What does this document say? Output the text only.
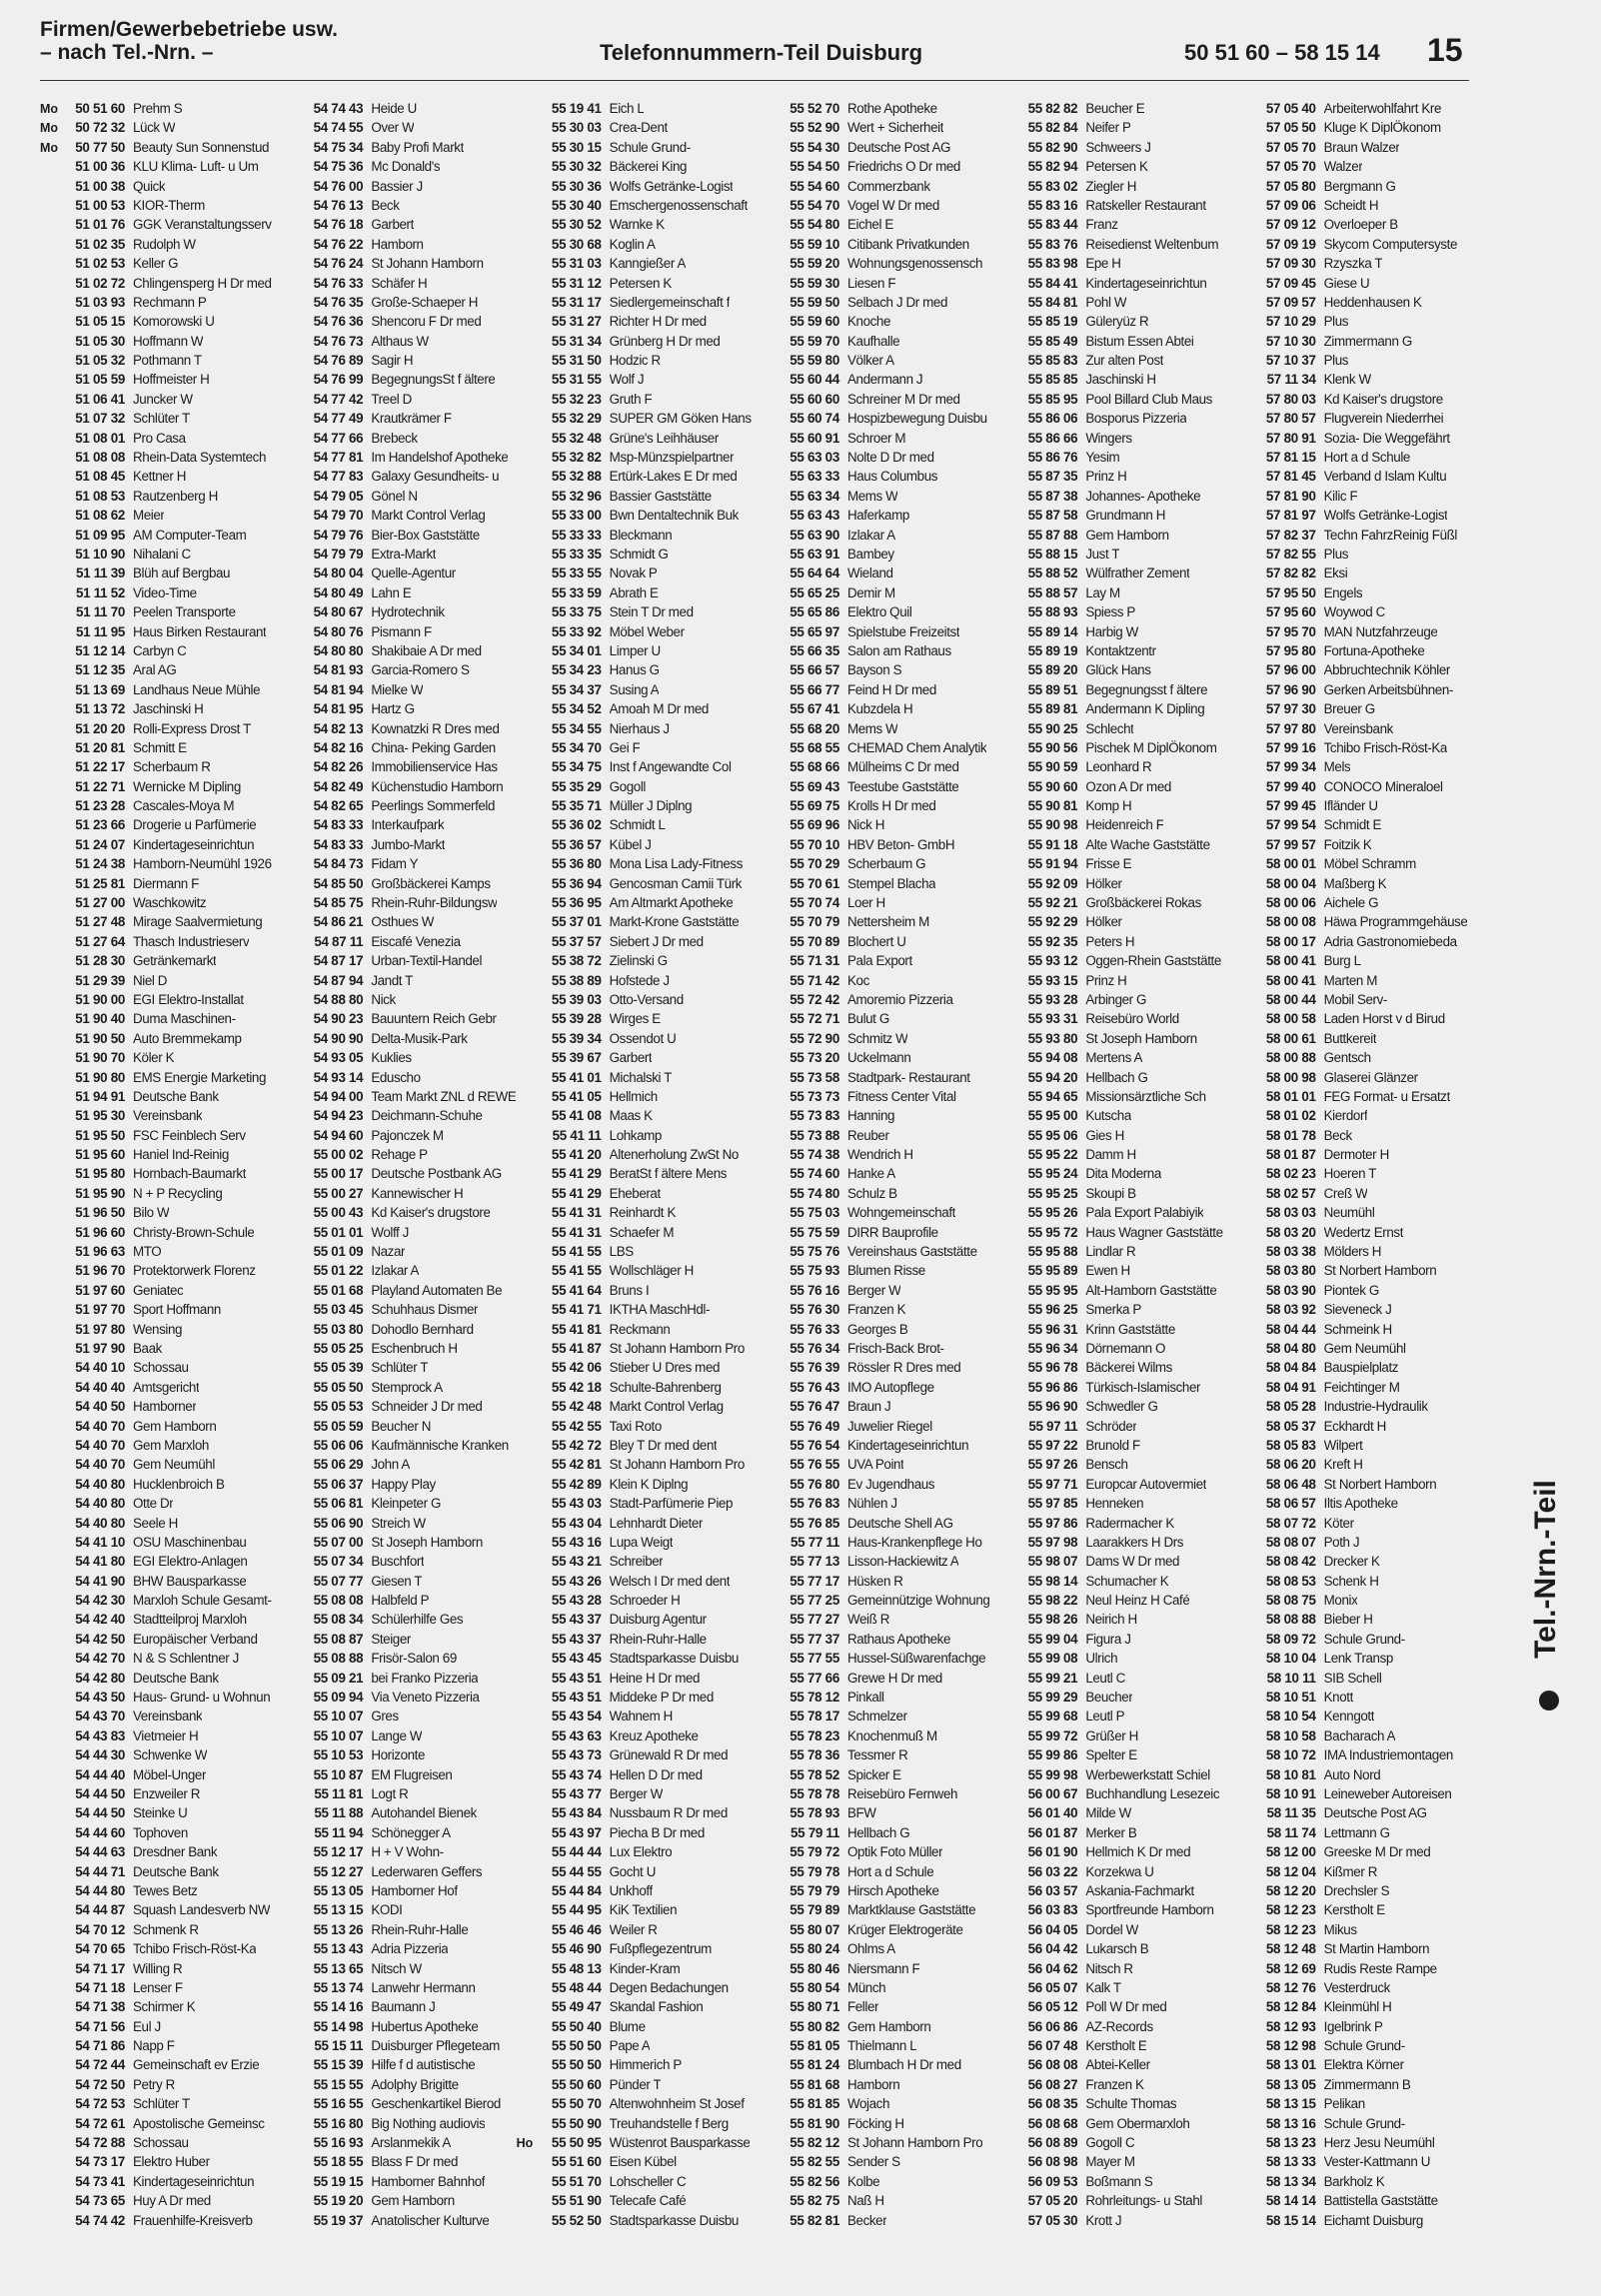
Firmen/Gewerbebetriebe usw.
– nach Tel.-Nrn. –	Telefonnummern-Teil Duisburg	50 51 60 – 58 15 14 15
Mo	50 51 60 Prehm S
Mo	50 72 32 Lück W
Mo	50 77 50 Beauty Sun Sonnenstud
51 00 36 KLU Klima- Luft- u Um
51 00 38 Quick
51 00 53 KIOR-Therm
51 01 76 GGK Veranstaltungsserv
51 02 35 Rudolph W
51 02 53 Keller G
51 02 72 Chlingensperg H Dr med
51 03 93 Rechmann P
51 05 15 Komorowski U
51 05 30 Hoffmann W
51 05 32 Pothmann T
51 05 59 Hoffmeister H
51 06 41 Juncker W
51 07 32 Schlüter T
51 08 01 Pro Casa
51 08 08 Rhein-Data Systemtech
51 08 45 Kettner H
51 08 53 Rautzenberg H
51 08 62 Meier
51 09 95 AM Computer-Team
51 10 90 Nihalani C
51 11 39 Blüh auf Bergbau
51 11 52 Video-Time
51 11 70 Peelen Transporte
51 11 95 Haus Birken Restaurant
51 12 14 Carbyn C
51 12 35 Aral AG
51 13 69 Landhaus Neue Mühle
51 13 72 Jaschinski H
51 20 20 Rolli-Express Drost T
51 20 81 Schmitt E
51 22 17 Scherbaum R
51 22 71 Wernicke M Dipling
51 23 28 Cascales-Moya M
51 23 66 Drogerie u Parfümerie
51 24 07 Kindertageseinrichtun
51 24 38 Hamborn-Neumühl 1926
51 25 81 Diermann F
51 27 00 Waschkowitz
51 27 48 Mirage Saalvermietung
51 27 64 Thasch Industrieserv
51 28 30 Getränkemarkt
51 29 39 Niel D
51 90 00 EGI Elektro-Installat
51 90 40 Duma Maschinen-
51 90 50 Auto Bremmekamp
51 90 70 Köler K
51 90 80 EMS Energie Marketing
51 94 91 Deutsche Bank
51 95 30 Vereinsbank
51 95 50 FSC Feinblech Serv
51 95 60 Haniel Ind-Reinig
51 95 80 Hornbach-Baumarkt
51 95 90 N + P Recycling
51 96 50 Bilo W
51 96 60 Christy-Brown-Schule
51 96 63 MTO
51 96 70 Protektorwerk Florenz
51 97 60 Geniatec
51 97 70 Sport Hoffmann
51 97 80 Wensing
51 97 90 Baak
54 40 10 Schossau
54 40 40 Amtsgericht
54 40 50 Hamborner
54 40 70 Gem Hamborn
54 40 70 Gem Marxloh
54 40 70 Gem Neumühl
54 40 80 Hucklenbroich B
54 40 80 Otte Dr
54 40 80 Seele H
54 41 10 OSU Maschinenbau
54 41 80 EGI Elektro-Anlagen
54 41 90 BHW Bausparkasse
54 42 30 Marxloh Schule Gesamt-
54 42 40 Stadtteilproj Marxloh
54 42 50 Europäischer Verband
54 42 70 N & S Schlentner J
54 42 80 Deutsche Bank
54 43 50 Haus- Grund- u Wohnun
54 43 70 Vereinsbank
54 43 83 Vietmeier H
54 44 30 Schwenke W
54 44 40 Möbel-Unger
54 44 50 Enzweiler R
54 44 50 Steinke U
54 44 60 Tophoven
54 44 63 Dresdner Bank
54 44 71 Deutsche Bank
54 44 80 Tewes Betz
54 44 87 Squash Landesverb NW
54 70 12 Schmenk R
54 70 65 Tchibo Frisch-Röst-Ka
54 71 17 Willing R
54 71 18 Lenser F
54 71 38 Schirmer K
54 71 56 Eul J
54 71 86 Napp F
54 72 44 Gemeinschaft ev Erzie
54 72 50 Petry R
54 72 53 Schlüter T
54 72 61 Apostolische Gemeinsc
54 72 88 Schossau
54 73 17 Elektro Huber
54 73 41 Kindertageseinrichtun
54 73 65 Huy A Dr med
54 74 42 Frauenhilfe-Kreisverb
54 74 43 Heide U
54 74 55 Over W
54 75 34 Baby Profi Markt
54 75 36 Mc Donald's
54 76 00 Bassier J
54 76 13 Beck
54 76 18 Garbert
54 76 22 Hamborn
54 76 24 St Johann Hamborn
54 76 33 Schäfer H
54 76 35 Große-Schaeper H
54 76 36 Shencoru F Dr med
54 76 73 Althaus W
54 76 89 Sagir H
54 76 99 BegegnungsSt f ältere
54 77 42 Treel D
54 77 49 Krautkrämer F
54 77 66 Brebeck
54 77 81 Im Handelshof Apotheke
54 77 83 Galaxy Gesundheits- u
54 79 05 Gönel N
54 79 70 Markt Control Verlag
54 79 76 Bier-Box Gaststätte
54 79 79 Extra-Markt
54 80 04 Quelle-Agentur
54 80 49 Lahn E
54 80 67 Hydrotechnik
54 80 76 Pismann F
54 80 80 Shakibaie A Dr med
54 81 93 Garcia-Romero S
54 81 94 Mielke W
54 81 95 Hartz G
54 82 13 Kownatzki R Dres med
54 82 16 China- Peking Garden
54 82 26 Immobilienservice Has
54 82 49 Küchenstudio Hamborn
54 82 65 Peerlings Sommerfeld
54 83 33 Interkaufpark
54 83 33 Jumbo-Markt
54 84 73 Fidam Y
54 85 50 Großbäckerei Kamps
54 85 75 Rhein-Ruhr-Bildungsw
54 86 21 Osthues W
54 87 11 Eiscafé Venezia
54 87 17 Urban-Textil-Handel
54 87 94 Jandt T
54 88 80 Nick
54 90 23 Bauuntern Reich Gebr
54 90 90 Delta-Musik-Park
54 93 05 Kuklies
54 93 14 Eduscho
54 94 00 Team Markt ZNL d REWE
54 94 23 Deichmann-Schuhe
54 94 60 Pajonczek M
55 00 02 Rehage P
55 00 17 Deutsche Postbank AG
55 00 27 Kannewischer H
55 00 43 Kd Kaiser's drugstore
55 01 01 Wolff J
55 01 09 Nazar
55 01 22 Izlakar A
55 01 68 Playland Automaten Be
55 03 45 Schuhhaus Dismer
55 03 80 Dohodlo Bernhard
55 05 25 Eschenbruch H
55 05 39 Schlüter T
55 05 50 Stemprock A
55 05 53 Schneider J Dr med
55 05 59 Beucher N
55 06 06 Kaufmännische Kranken
55 06 29 John A
55 06 37 Happy Play
55 06 81 Kleinpeter G
55 06 90 Streich W
55 07 00 St Joseph Hamborn
55 07 34 Buschfort
55 07 77 Giesen T
55 08 08 Halbfeld P
55 08 34 Schülerhilfe Ges
55 08 87 Steiger
55 08 88 Frisör-Salon 69
55 09 21 bei Franko Pizzeria
55 09 94 Via Veneto Pizzeria
55 10 07 Gres
55 10 07 Lange W
55 10 53 Horizonte
55 10 87 EM Flugreisen
55 11 81 Logt R
55 11 88 Autohandel Bienek
55 11 94 Schönegger A
55 12 17 H + V Wohn-
55 12 27 Lederwaren Geffers
55 13 05 Hamborner Hof
55 13 15 KODI
55 13 26 Rhein-Ruhr-Halle
55 13 43 Adria Pizzeria
55 13 65 Nitsch W
55 13 74 Lanwehr Hermann
55 14 16 Baumann J
55 14 98 Hubertus Apotheke
55 15 11 Duisburger Pflegeteam
55 15 39 Hilfe f d autistische
55 15 55 Adolphy Brigitte
55 16 55 Geschenkartikel Bierod
55 16 80 Big Nothing audiovis
55 16 93 Arslanmekik A
55 18 55 Blass F Dr med
55 19 15 Hamborner Bahnhof
55 19 20 Gem Hamborn
55 19 37 Anatolischer Kulturve
55 19 41 Eich L
55 30 03 Crea-Dent
55 30 15 Schule Grund-
55 30 32 Bäckerei King
55 30 36 Wolfs Getränke-Logist
55 30 40 Emschergenossenschaft
55 30 52 Warnke K
55 30 68 Koglin A
55 31 03 Kanngießer A
55 31 12 Petersen K
55 31 17 Siedlergemeinschaft f
55 31 27 Richter H Dr med
55 31 34 Grünberg H Dr med
55 31 50 Hodzic R
55 31 55 Wolf J
55 32 23 Gruth F
55 32 29 SUPER GM Göken Hans
55 32 48 Grüne's Leihhäuser
55 32 82 Msp-Münzspielpartner
55 32 88 Ertürk-Lakes E Dr med
55 32 96 Bassier Gaststätte
55 33 00 Bwn Dentaltechnik Buk
55 33 33 Bleckmann
55 33 35 Schmidt G
55 33 55 Novak P
55 33 59 Abrath E
55 33 75 Stein T Dr med
55 33 92 Möbel Weber
55 34 01 Limper U
55 34 23 Hanus G
55 34 37 Susing A
55 34 52 Amoah M Dr med
55 34 55 Nierhaus J
55 34 70 Gei F
55 34 75 Inst f Angewandte Col
55 35 29 Gogoll
55 35 71 Müller J Diplng
55 36 02 Schmidt L
55 36 57 Kübel J
55 36 80 Mona Lisa Lady-Fitness
55 36 94 Gencosman Camii Türk
55 36 95 Am Altmarkt Apotheke
55 37 01 Markt-Krone Gaststätte
55 37 57 Siebert J Dr med
55 38 72 Zielinski G
55 38 89 Hofstede J
55 39 03 Otto-Versand
55 39 28 Wirges E
55 39 34 Ossendot U
55 39 67 Garbert
55 41 01 Michalski T
55 41 05 Hellmich
55 41 08 Maas K
55 41 11 Lohkamp
55 41 20 Altenerholung ZwSt No
55 41 29 BeratSt f ältere Mens
55 41 29 Eheberat
55 41 31 Reinhardt K
55 41 31 Schaefer M
55 41 55 LBS
55 41 55 Wollschläger H
55 41 64 Bruns I
55 41 71 IKTHA MaschHdl-
55 41 81 Reckmann
55 41 87 St Johann Hamborn Pro
55 42 06 Stieber U Dres med
55 42 18 Schulte-Bahrenberg
55 42 48 Markt Control Verlag
55 42 55 Taxi Roto
55 42 72 Bley T Dr med dent
55 42 81 St Johann Hamborn Pro
55 42 89 Klein K Diplng
55 43 03 Stadt-Parfümerie Piep
55 43 04 Lehnhardt Dieter
55 43 16 Lupa Weigt
55 43 21 Schreiber
55 43 26 Welsch I Dr med dent
55 43 28 Schroeder H
55 43 37 Duisburg Agentur
55 43 37 Rhein-Ruhr-Halle
55 43 45 Stadtsparkasse Duisbu
55 43 51 Heine H Dr med
55 43 51 Middeke P Dr med
55 43 54 Wahnem H
55 43 63 Kreuz Apotheke
55 43 73 Grünewald R Dr med
55 43 74 Hellen D Dr med
55 43 77 Berger W
55 43 84 Nussbaum R Dr med
55 43 97 Piecha B Dr med
55 44 44 Lux Elektro
55 44 55 Gocht U
55 44 84 Unkhoff
55 44 95 KiK Textilien
55 46 46 Weiler R
55 46 90 Fußpflegezentrum
55 48 13 Kinder-Kram
55 48 44 Degen Bedachungen
55 49 47 Skandal Fashion
55 50 40 Blume
55 50 50 Pape A
55 50 50 Himmerich P
55 50 60 Pünder T
55 50 70 Altenwohnheim St Josef
55 50 90 Treuhandstelle f Berg
Ho	55 50 95 Wüstenrot Bausparkasse
55 51 60 Eisen Kübel
55 51 70 Lohscheller C
55 51 90 Telecafe Café
55 52 50 Stadtsparkasse Duisbu
55 52 70 Rothe Apotheke
55 52 90 Wert + Sicherheit
55 54 30 Deutsche Post AG
55 54 50 Friedrichs O Dr med
55 54 60 Commerzbank
55 54 70 Vogel W Dr med
55 54 80 Eichel E
55 59 10 Citibank Privatkunden
55 59 20 Wohnungsgenossensch
55 59 30 Liesen F
55 59 50 Selbach J Dr med
55 59 60 Knoche
55 59 70 Kaufhalle
55 59 80 Völker A
55 60 44 Andermann J
55 60 60 Schreiner M Dr med
55 60 74 Hospizbewegung Duisbu
55 60 91 Schroer M
55 63 03 Nolte D Dr med
55 63 33 Haus Columbus
55 63 34 Mems W
55 63 43 Haferkamp
55 63 90 Izlakar A
55 63 91 Bambey
55 64 64 Wieland
55 65 25 Demir M
55 65 86 Elektro Quil
55 65 97 Spielstube Freizeitst
55 66 35 Salon am Rathaus
55 66 57 Bayson S
55 66 77 Feind H Dr med
55 67 41 Kubzdela H
55 68 20 Mems W
55 68 55 CHEMAD Chem Analytik
55 68 66 Mülheims C Dr med
55 69 43 Teestube Gaststätte
55 69 75 Krolls H Dr med
55 69 96 Nick H
55 70 10 HBV Beton- GmbH
55 70 29 Scherbaum G
55 70 61 Stempel Blacha
55 70 74 Loer H
55 70 79 Nettersheim M
55 70 89 Blochert U
55 71 31 Pala Export
55 71 42 Koc
55 72 42 Amoremio Pizzeria
55 72 71 Bulut G
55 72 90 Schmitz W
55 73 20 Uckelmann
55 73 58 Stadtpark- Restaurant
55 73 73 Fitness Center Vital
55 73 83 Hanning
55 73 88 Reuber
55 74 38 Wendrich H
55 74 60 Hanke A
55 74 80 Schulz B
55 75 03 Wohngemeinschaft
55 75 59 DIRR Bauprofile
55 75 76 Vereinshaus Gaststätte
55 75 93 Blumen Risse
55 76 16 Berger W
55 76 30 Franzen K
55 76 33 Georges B
55 76 34 Frisch-Back Brot-
55 76 39 Rössler R Dres med
55 76 43 IMO Autopflege
55 76 47 Braun J
55 76 49 Juwelier Riegel
55 76 54 Kindertageseinrichtun
55 76 55 UVA Point
55 76 80 Ev Jugendhaus
55 76 83 Nühlen J
55 76 85 Deutsche Shell AG
55 77 11 Haus-Krankenpflege Ho
55 77 13 Lisson-Hackiewitz A
55 77 17 Hüsken R
55 77 25 Gemeinnützige Wohnung
55 77 27 Weiß R
55 77 37 Rathaus Apotheke
55 77 55 Hussel-Süßwarenfachge
55 77 66 Grewe H Dr med
55 78 12 Pinkall
55 78 17 Schmelzer
55 78 23 Knochenmuß M
55 78 36 Tessmer R
55 78 52 Spicker E
55 78 78 Reisebüro Fernweh
55 78 93 BFW
55 79 11 Hellbach G
55 79 72 Optik Foto Müller
55 79 78 Hort a d Schule
55 79 79 Hirsch Apotheke
55 79 89 Marktklause Gaststätte
55 80 07 Krüger Elektrogeräte
55 80 24 Ohlms A
55 80 46 Niersmann F
55 80 54 Münch
55 80 71 Feller
55 80 82 Gem Hamborn
55 81 05 Thielmann L
55 81 24 Blumbach H Dr med
55 81 68 Hamborn
55 81 85 Wojach
55 81 90 Föcking H
55 82 12 St Johann Hamborn Pro
55 82 55 Sender S
55 82 56 Kolbe
55 82 75 Naß H
55 82 81 Becker
55 82 82 Beucher E
55 82 84 Neifer P
55 82 90 Schweers J
55 82 94 Petersen K
55 83 02 Ziegler H
55 83 16 Ratskeller Restaurant
55 83 44 Franz
55 83 76 Reisedienst Weltenbum
55 83 98 Epe H
55 84 41 Kindertageseinrichtun
55 84 81 Pohl W
55 85 19 Güleryüz R
55 85 49 Bistum Essen Abtei
55 85 83 Zur alten Post
55 85 85 Jaschinski H
55 85 95 Pool Billard Club Maus
55 86 06 Bosporus Pizzeria
55 86 66 Wingers
55 86 76 Yesim
55 87 35 Prinz H
55 87 38 Johannes- Apotheke
55 87 58 Grundmann H
55 87 88 Gem Hamborn
55 88 15 Just T
55 88 52 Wülfrather Zement
55 88 57 Lay M
55 88 93 Spiess P
55 89 14 Harbig W
55 89 19 Kontaktzentr
55 89 20 Glück Hans
55 89 51 Begegnungsst f ältere
55 89 81 Andermann K Dipling
55 90 25 Schlecht
55 90 56 Pischek M DiplÖkonom
55 90 59 Leonhard R
55 90 60 Ozon A Dr med
55 90 81 Komp H
55 90 98 Heidenreich F
55 91 18 Alte Wache Gaststätte
55 91 94 Frisse E
55 92 09 Hölker
55 92 21 Großbäckerei Rokas
55 92 29 Hölker
55 92 35 Peters H
55 93 12 Oggen-Rhein Gaststätte
55 93 15 Prinz H
55 93 28 Arbinger G
55 93 31 Reisebüro World
55 93 80 St Joseph Hamborn
55 94 08 Mertens A
55 94 20 Hellbach G
55 94 65 Missionsärztliche Sch
55 95 00 Kutscha
55 95 06 Gies H
55 95 22 Damm H
55 95 24 Dita Moderna
55 95 25 Skoupi B
55 95 26 Pala Export Palabiyik
55 95 72 Haus Wagner Gaststätte
55 95 88 Lindlar R
55 95 89 Ewen H
55 95 95 Alt-Hamborn Gaststätte
55 96 25 Smerka P
55 96 31 Krinn Gaststätte
55 96 34 Dörnemann O
55 96 78 Bäckerei Wilms
55 96 86 Türkisch-Islamischer
55 96 90 Schwedler G
55 97 11 Schröder
55 97 22 Brunold F
55 97 26 Bensch
55 97 71 Europcar Autovermiet
55 97 85 Henneken
55 97 86 Radermacher K
55 97 98 Laarakkers H Drs
55 98 07 Dams W Dr med
55 98 14 Schumacher K
55 98 22 Neul Heinz H Café
55 98 26 Neirich H
55 99 04 Figura J
55 99 08 Ulrich
55 99 21 Leutl C
55 99 29 Beucher
55 99 68 Leutl P
55 99 72 Grüßer H
55 99 86 Spelter E
55 99 98 Werbewerkstatt Schiel
56 00 67 Buchhandlung Lesezeic
56 01 40 Milde W
56 01 87 Merker B
56 01 90 Hellmich K Dr med
56 03 22 Korzekwa U
56 03 57 Askania-Fachmarkt
56 03 83 Sportfreunde Hamborn
56 04 05 Dordel W
56 04 42 Lukarsch B
56 04 62 Nitsch R
56 05 07 Kalk T
56 05 12 Poll W Dr med
56 06 86 AZ-Records
56 07 48 Kerstholt E
56 08 08 Abtei-Keller
56 08 27 Franzen K
56 08 35 Schulte Thomas
56 08 68 Gem Obermarxloh
56 08 89 Gogoll C
56 08 98 Mayer M
56 09 53 Boßmann S
57 05 20 Rohrleitungs- u Stahl
57 05 30 Krott J
57 05 40 Arbeiterwohlfahrt Kre
57 05 50 Kluge K DiplÖkonom
57 05 70 Braun Walzer
57 05 70 Walzer
57 05 80 Bergmann G
57 09 06 Scheidt H
57 09 12 Overloeper B
57 09 19 Skycom Computersyste
57 09 30 Rzyszka T
57 09 45 Giese U
57 09 57 Heddenhausen K
57 10 29 Plus
57 10 30 Zimmermann G
57 10 37 Plus
57 11 34 Klenk W
57 80 03 Kd Kaiser's drugstore
57 80 57 Flugverein Niederrhei
57 80 91 Sozia- Die Weggefährt
57 81 15 Hort a d Schule
57 81 45 Verband d Islam Kultu
57 81 90 Kilic F
57 81 97 Wolfs Getränke-Logist
57 82 37 Techn FahrzReinig Füßl
57 82 55 Plus
57 82 82 Eksi
57 95 50 Engels
57 95 60 Woywod C
57 95 70 MAN Nutzfahrzeuge
57 95 80 Fortuna-Apotheke
57 96 00 Abbruchtechnik Köhler
57 96 90 Gerken Arbeitsbühnen-
57 97 30 Breuer G
57 97 80 Vereinsbank
57 99 16 Tchibo Frisch-Röst-Ka
57 99 34 Mels
57 99 40 CONOCO Mineraloel
57 99 45 Ifländer U
57 99 54 Schmidt E
57 99 57 Foitzik K
58 00 01 Möbel Schramm
58 00 04 Maßberg K
58 00 06 Aichele G
58 00 08 Häwa Programmgehäuse
58 00 17 Adria Gastronomiebeda
58 00 41 Burg L
58 00 41 Marten M
58 00 44 Mobil Serv-
58 00 58 Laden Horst v d Birud
58 00 61 Buttkereit
58 00 88 Gentsch
58 00 98 Glaserei Glänzer
58 01 01 FEG Format- u Ersatzt
58 01 02 Kierdorf
58 01 78 Beck
58 01 87 Dermoter H
58 02 23 Hoeren T
58 02 57 Creß W
58 03 03 Neumühl
58 03 20 Wedertz Ernst
58 03 38 Mölders H
58 03 80 St Norbert Hamborn
58 03 90 Piontek G
58 03 92 Sieveneck J
58 04 44 Schmeink H
58 04 80 Gem Neumühl
58 04 84 Bauspielplatz
58 04 91 Feichtinger M
58 05 28 Industrie-Hydraulik
58 05 37 Eckhardt H
58 05 83 Wilpert
58 06 20 Kreft H
58 06 48 St Norbert Hamborn
58 06 57 Iltis Apotheke
58 07 72 Köter
58 08 07 Poth J
58 08 42 Drecker K
58 08 53 Schenk H
58 08 75 Monix
58 08 88 Bieber H
58 09 72 Schule Grund-
58 10 04 Lenk Transp
58 10 11 SIB Schell
58 10 51 Knott
58 10 54 Kenngott
58 10 58 Bacharach A
58 10 72 IMA Industriemontagen
58 10 81 Auto Nord
58 10 91 Leineweber Autoreisen
58 11 35 Deutsche Post AG
58 11 74 Lettmann G
58 12 00 Greeske M Dr med
58 12 04 Kißmer R
58 12 20 Drechsler S
58 12 23 Kerstholt E
58 12 23 Mikus
58 12 48 St Martin Hamborn
58 12 69 Rudis Reste Rampe
58 12 76 Vesterdruck
58 12 84 Kleinmühl H
58 12 93 Igelbrink P
58 12 98 Schule Grund-
58 13 01 Elektra Körner
58 13 05 Zimmermann B
58 13 15 Pelikan
58 13 16 Schule Grund-
58 13 23 Herz Jesu Neumühl
58 13 33 Vester-Kattmann U
58 13 34 Barkholz K
58 14 14 Battistella Gaststätte
58 15 14 Eichamt Duisburg
Tel.-Nrn.-Teil
